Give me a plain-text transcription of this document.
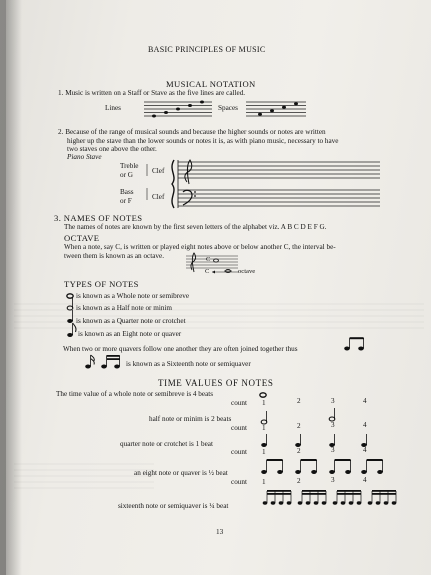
BASIC PRINCIPLES OF MUSIC
MUSICAL NOTATION
1. Music is written on a Staff or Stave as the five lines are called.
Lines	Spaces
2. Because of the range of musical sounds and because the higher sounds or notes are written
higher up the stave than the lower sounds or notes it is, as with piano music, necessary to have
two staves one above the other.
Piano Stave
Treble
or G	Clef
Bass
or F	Clef
3. NAMES OF NOTES
The names of notes are known by the first seven letters of the alphabet viz. A B C D E F G.
OCTAVE
When a note, say C, is written or played eight notes above or below another C, the interval be-
tween them is known as an octave.	C
C	octave
TYPES OF NOTES
is known as a Whole note or semibreve
is known as a Half note or minim
is known as a Quarter note or crotchet
is known as an Eight note or quaver
When two or more quavers follow one another they are often joined together thus
is known as a Sixteenth note or semiquaver
TIME VALUES OF NOTES
The time value of a whole note or semibreve is 4 beats
count 1	2	3	4
half note or minim is 2 beats
count 1	2	3	4
quarter note or crotchet is 1 beat
count 1	2	3	4
an eight note or quaver is ½ beat
count 1	2	3	4
sixteenth note or semiquaver is ¼ beat
13
